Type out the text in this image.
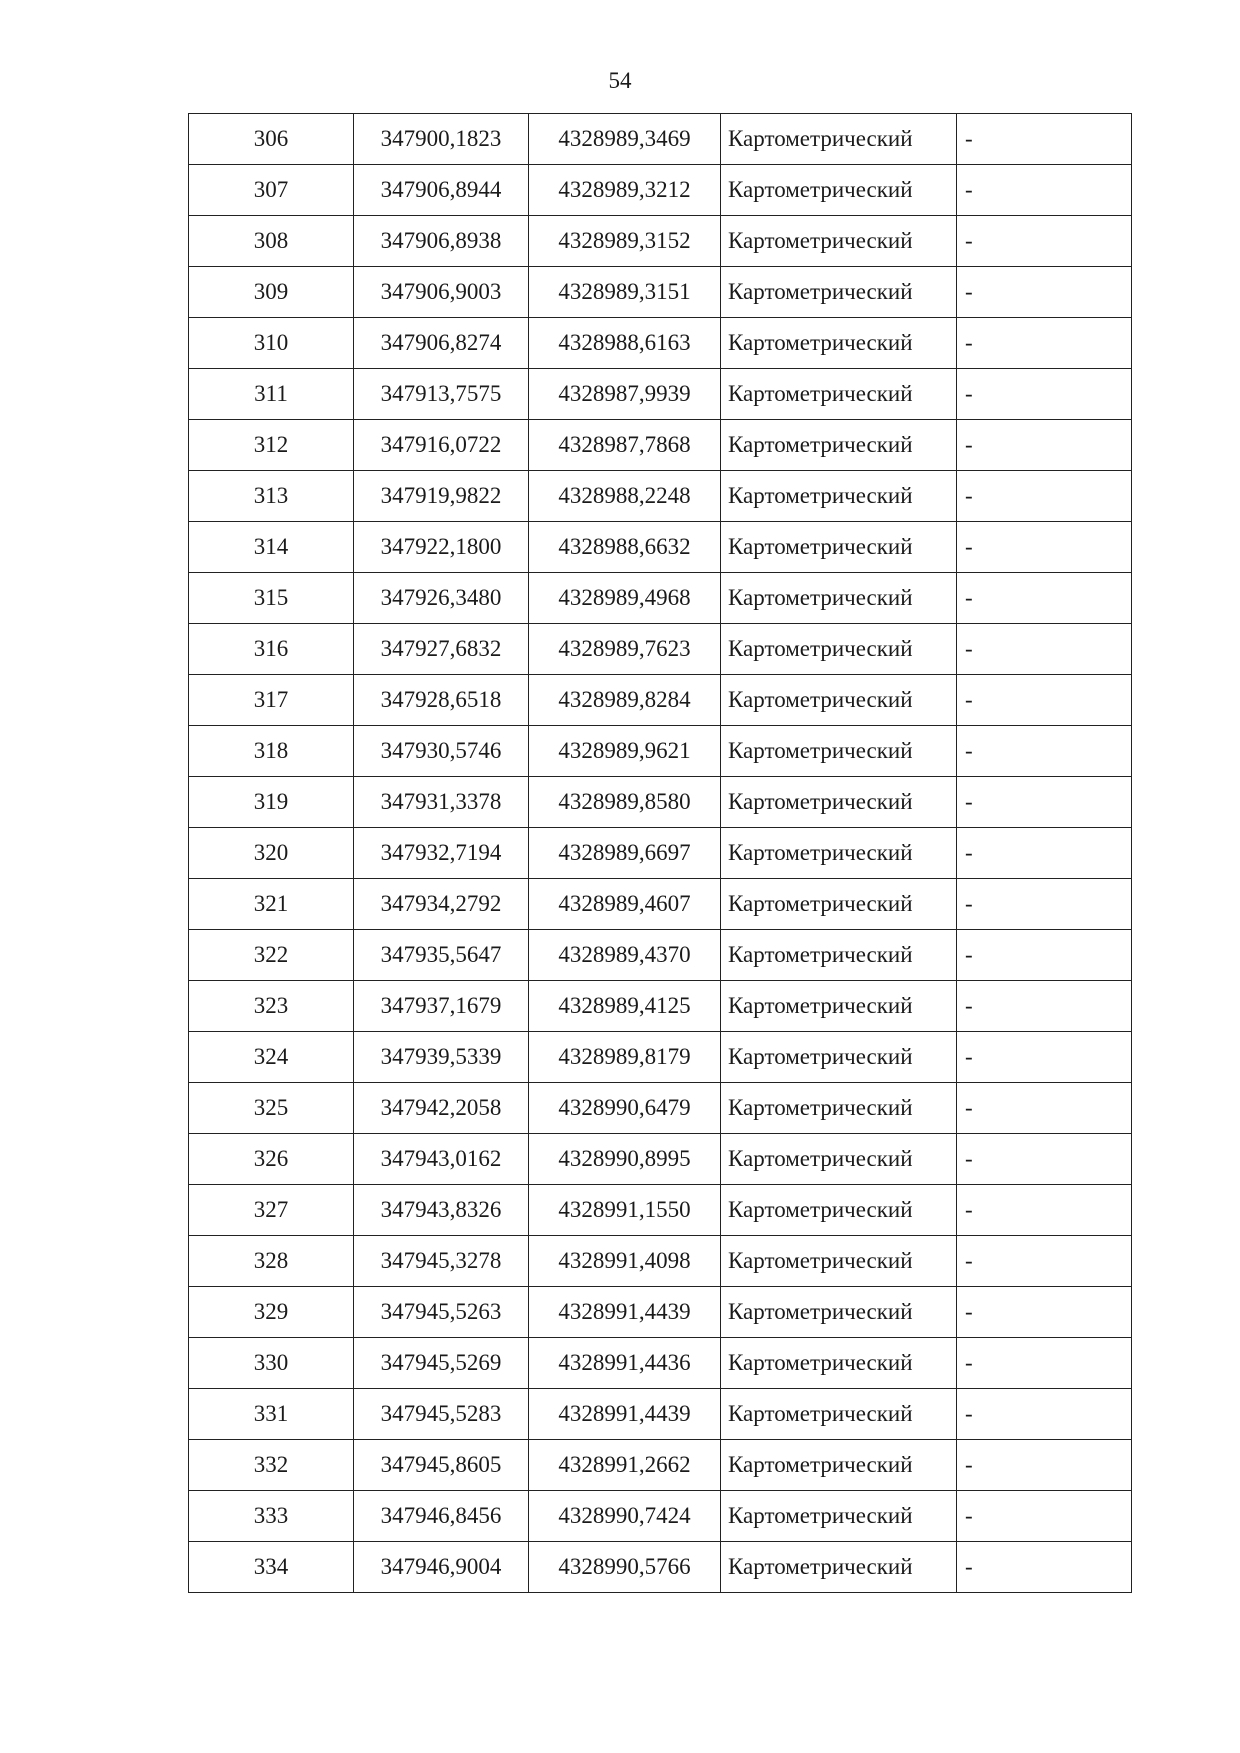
54
306	347900,1823	4328989,3469	Картометрический	-
307	347906,8944	4328989,3212	Картометрический	-
308	347906,8938	4328989,3152	Картометрический	-
309	347906,9003	4328989,3151	Картометрический	-
310	347906,8274	4328988,6163	Картометрический	-
311	347913,7575	4328987,9939	Картометрический	-
312	347916,0722	4328987,7868	Картометрический	-
313	347919,9822	4328988,2248	Картометрический	-
314	347922,1800	4328988,6632	Картометрический	-
315	347926,3480	4328989,4968	Картометрический	-
316	347927,6832	4328989,7623	Картометрический	-
317	347928,6518	4328989,8284	Картометрический	-
318	347930,5746	4328989,9621	Картометрический	-
319	347931,3378	4328989,8580	Картометрический	-
320	347932,7194	4328989,6697	Картометрический	-
321	347934,2792	4328989,4607	Картометрический	-
322	347935,5647	4328989,4370	Картометрический	-
323	347937,1679	4328989,4125	Картометрический	-
324	347939,5339	4328989,8179	Картометрический	-
325	347942,2058	4328990,6479	Картометрический	-
326	347943,0162	4328990,8995	Картометрический	-
327	347943,8326	4328991,1550	Картометрический	-
328	347945,3278	4328991,4098	Картометрический	-
329	347945,5263	4328991,4439	Картометрический	-
330	347945,5269	4328991,4436	Картометрический	-
331	347945,5283	4328991,4439	Картометрический	-
332	347945,8605	4328991,2662	Картометрический	-
333	347946,8456	4328990,7424	Картометрический	-
334	347946,9004	4328990,5766	Картометрический	-
